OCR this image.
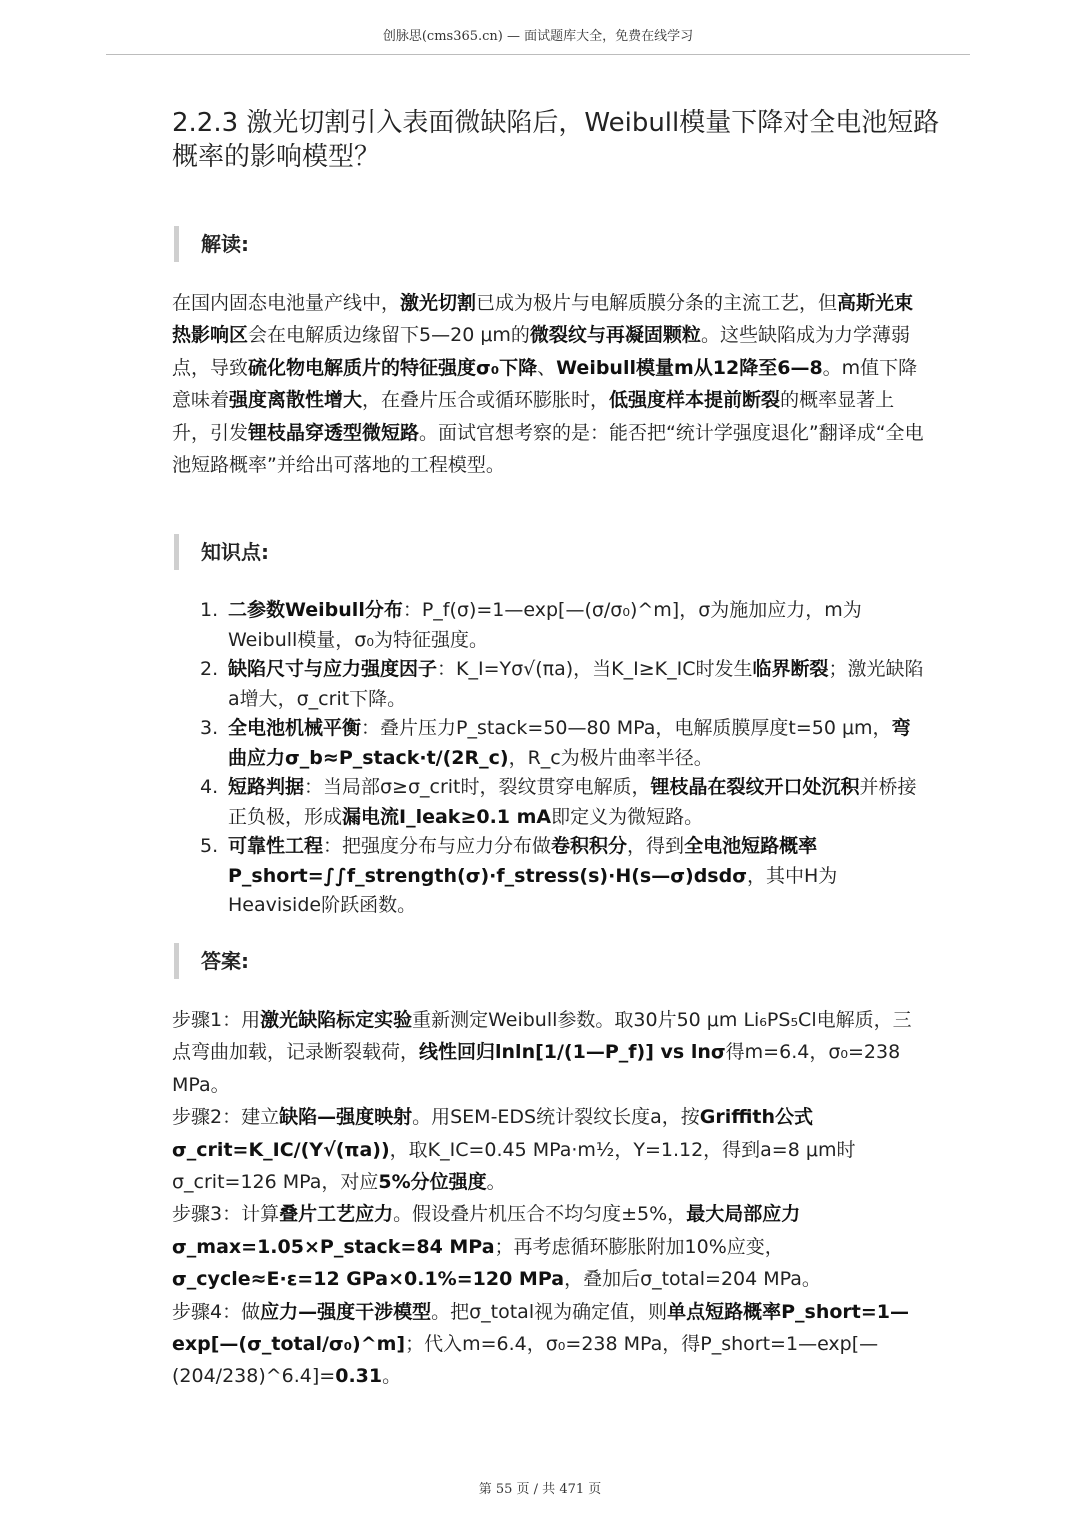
创脉思(cms365.cn) — 面试题库大全，免费在线学习
2.2.3 激光切割引入表面微缺陷后，Weibull模量下降对全电池短路概率的影响模型？
解读:

在国内固态电池量产线中，激光切割已成为极片与电解质膜分条的主流工艺，但高斯光束热影响区会在电解质边缘留下5—20 μm的微裂纹与再凝固颗粒。这些缺陷成为力学薄弱点，导致硫化物电解质片的特征强度σ₀下降、Weibull模量m从12降至6—8。m值下降意味着强度离散性增大，在叠片压合或循环膨胀时，低强度样本提前断裂的概率显著上升，引发锂枝晶穿透型微短路。面试官想考察的是：能否把“统计学强度退化”翻译成“全电池短路概率”并给出可落地的工程模型。

知识点:
1. 二参数Weibull分布：P_f(σ)=1—exp[—(σ/σ₀)^m]，σ为施加应力，m为Weibull模量，σ₀为特征强度。
2. 缺陷尺寸与应力强度因子：K_I=Yσ√(πa)，当K_I≥K_IC时发生临界断裂；激光缺陷a增大，σ_crit下降。
3. 全电池机械平衡：叠片压力P_stack=50—80 MPa，电解质膜厚度t=50 μm，弯曲应力σ_b≈P_stack·t/(2R_c)，R_c为极片曲率半径。
4. 短路判据：当局部σ≥σ_crit时，裂纹贯穿电解质，锂枝晶在裂纹开口处沉积并桥接正负极，形成漏电流I_leak≥0.1 mA即定义为微短路。
5. 可靠性工程：把强度分布与应力分布做卷积积分，得到全电池短路概率P_short=∫∫f_strength(σ)·f_stress(s)·H(s—σ)dsdσ，其中H为Heaviside阶跃函数。
答案:
步骤1：用激光缺陷标定实验重新测定Weibull参数。取30片50 μm Li₆PS₅Cl电解质，三点弯曲加载，记录断裂载荷，线性回归lnln[1/(1—P_f)] vs lnσ得m=6.4，σ₀=238 MPa。
步骤2：建立缺陷—强度映射。用SEM-EDS统计裂纹长度a，按Griffith公式σ_crit=K_IC/(Y√(πa))，取K_IC=0.45 MPa·m½，Y=1.12，得到a=8 μm时σ_crit=126 MPa，对应5%分位强度。
步骤3：计算叠片工艺应力。假设叠片机压合不均匀度±5%，最大局部应力σ_max=1.05×P_stack=84 MPa；再考虑循环膨胀附加10%应变，σ_cycle≈E·ε=12 GPa×0.1%=120 MPa，叠加后σ_total=204 MPa。
步骤4：做应力—强度干涉模型。把σ_total视为确定值，则单点短路概率P_short=1—exp[—(σ_total/σ₀)^m]；代入m=6.4，σ₀=238 MPa，得P_short=1—exp[—(204/238)^6.4]=0.31。
第 55 页 / 共 471 页
